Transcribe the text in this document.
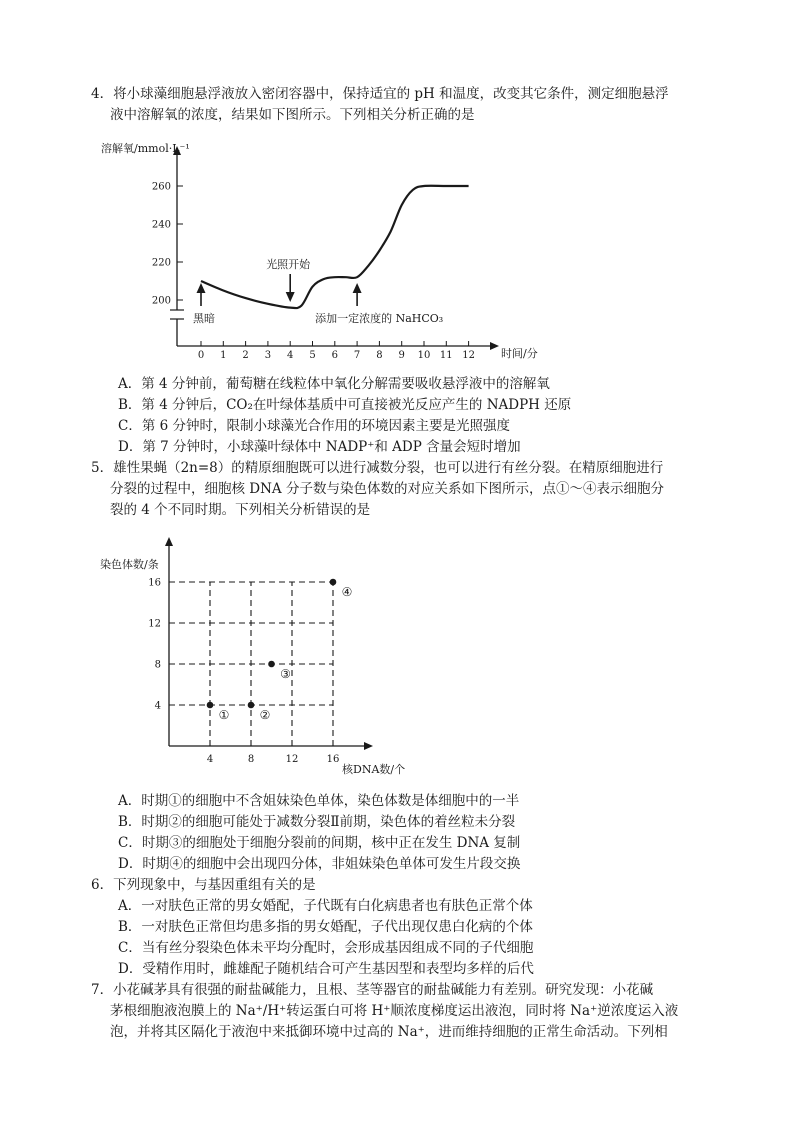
4．将小球藻细胞悬浮液放入密闭容器中，保持适宜的 pH 和温度，改变其它条件，测定细胞悬浮
液中溶解氧的浓度，结果如下图所示。下列相关分析正确的是
0 1 2 3 4 5 6 7 8 9 10 11 12
200
220
240
260
黑暗
光照开始
添加一定浓度的 NaHCO₃
溶解氧/mmol·L⁻¹
时间/分
A．第 4 分钟前，葡萄糖在线粒体中氧化分解需要吸收悬浮液中的溶解氧
B．第 4 分钟后，CO₂在叶绿体基质中可直接被光反应产生的 NADPH 还原
C．第 6 分钟时，限制小球藻光合作用的环境因素主要是光照强度
D．第 7 分钟时，小球藻叶绿体中 NADP⁺和 ADP 含量会短时增加
5．雄性果蝇（2n=8）的精原细胞既可以进行减数分裂，也可以进行有丝分裂。在精原细胞进行
分裂的过程中，细胞核 DNA 分子数与染色体数的对应关系如下图所示，点①～④表示细胞分
裂的 4 个不同时期。下列相关分析错误的是
4	8	12	16
4
8
12
16
①	②
③
④
染色体数/条
核DNA数/个
A．时期①的细胞中不含姐妹染色单体，染色体数是体细胞中的一半
B．时期②的细胞可能处于减数分裂Ⅱ前期，染色体的着丝粒未分裂
C．时期③的细胞处于细胞分裂前的间期，核中正在发生 DNA 复制
D．时期④的细胞中会出现四分体，非姐妹染色单体可发生片段交换
6．下列现象中，与基因重组有关的是
A．一对肤色正常的男女婚配，子代既有白化病患者也有肤色正常个体
B．一对肤色正常但均患多指的男女婚配，子代出现仅患白化病的个体
C．当有丝分裂染色体未平均分配时，会形成基因组成不同的子代细胞
D．受精作用时，雌雄配子随机结合可产生基因型和表型均多样的后代
7．小花碱茅具有很强的耐盐碱能力，且根、茎等器官的耐盐碱能力有差别。研究发现：小花碱
茅根细胞液泡膜上的 Na⁺/H⁺转运蛋白可将 H⁺顺浓度梯度运出液泡，同时将 Na⁺逆浓度运入液
泡，并将其区隔化于液泡中来抵御环境中过高的 Na⁺，进而维持细胞的正常生命活动。下列相
